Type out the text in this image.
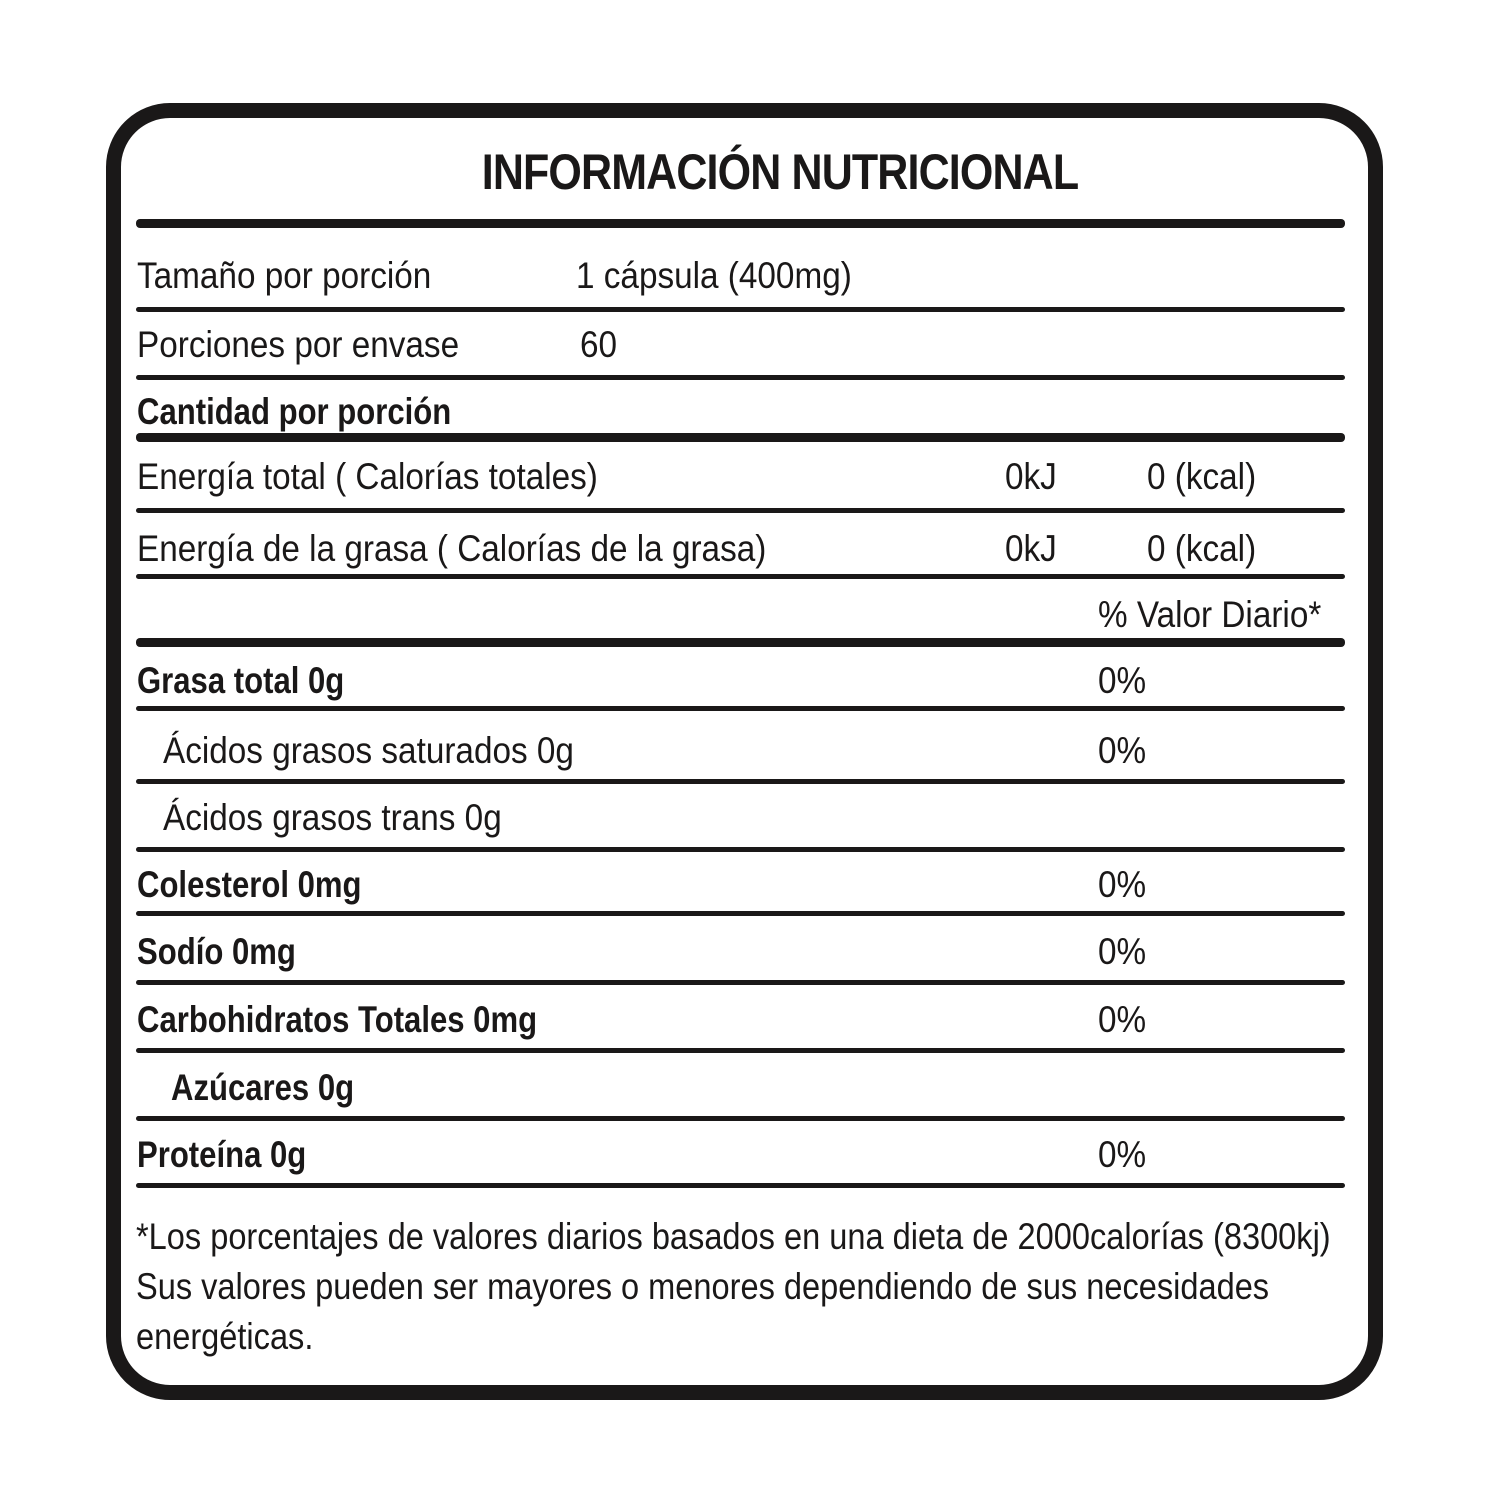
INFORMACIÓN NUTRICIONAL
Tamaño por porción	1 cápsula (400mg)
Porciones por envase	60
Cantidad por porción
Energía total ( Calorías totales)	0kJ 0 (kcal)
Energía de la grasa ( Calorías de la grasa)	0kJ 0 (kcal)
% Valor Diario*
Grasa total 0g	0%
Ácidos grasos saturados 0g	0%
Ácidos grasos trans 0g
Colesterol 0mg	0%
Sodío 0mg	0%
Carbohidratos Totales 0mg	0%
Azúcares 0g
Proteína 0g	0%
*Los porcentajes de valores diarios basados en una dieta de 2000calorías (8300kj)
Sus valores pueden ser mayores o menores dependiendo de sus necesidades
energéticas.
